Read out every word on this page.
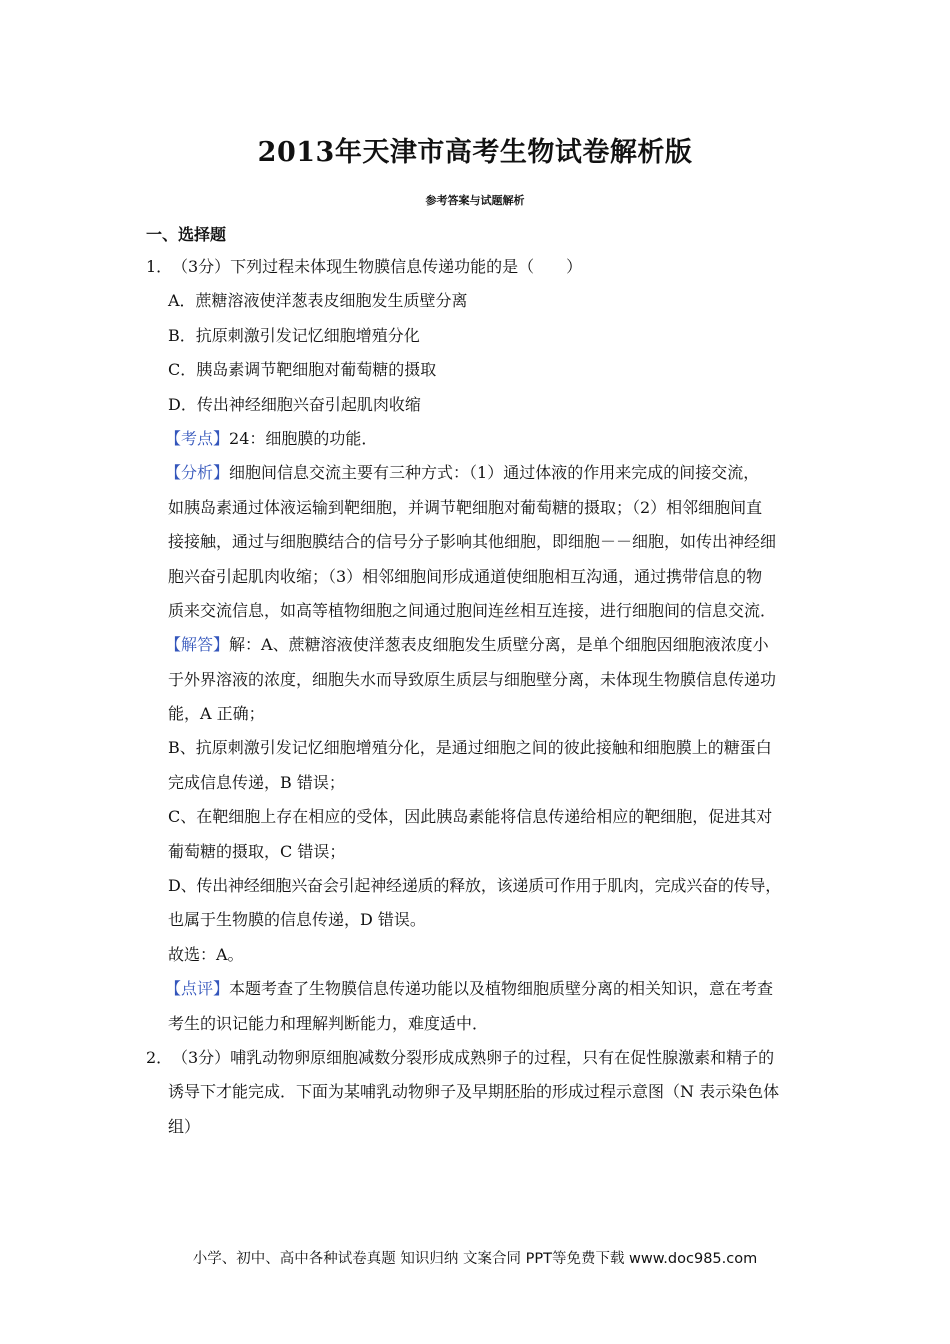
2013年天津市高考生物试卷解析版
参考答案与试题解析
一、选择题
1．（3分）下列过程未体现生物膜信息传递功能的是（　　）
A．蔗糖溶液使洋葱表皮细胞发生质壁分离
B．抗原刺激引发记忆细胞增殖分化
C．胰岛素调节靶细胞对葡萄糖的摄取
D．传出神经细胞兴奋引起肌肉收缩
【考点】24：细胞膜的功能．
【分析】细胞间信息交流主要有三种方式：（1）通过体液的作用来完成的间接交流，
如胰岛素通过体液运输到靶细胞，并调节靶细胞对葡萄糖的摄取；（2）相邻细胞间直
接接触，通过与细胞膜结合的信号分子影响其他细胞，即细胞－－细胞，如传出神经细
胞兴奋引起肌肉收缩；（3）相邻细胞间形成通道使细胞相互沟通，通过携带信息的物
质来交流信息，如高等植物细胞之间通过胞间连丝相互连接，进行细胞间的信息交流．
【解答】解：A、蔗糖溶液使洋葱表皮细胞发生质壁分离，是单个细胞因细胞液浓度小
于外界溶液的浓度，细胞失水而导致原生质层与细胞壁分离，未体现生物膜信息传递功
能，A 正确；
B、抗原刺激引发记忆细胞增殖分化，是通过细胞之间的彼此接触和细胞膜上的糖蛋白
完成信息传递，B 错误；
C、在靶细胞上存在相应的受体，因此胰岛素能将信息传递给相应的靶细胞，促进其对
葡萄糖的摄取，C 错误；
D、传出神经细胞兴奋会引起神经递质的释放，该递质可作用于肌肉，完成兴奋的传导，
也属于生物膜的信息传递，D 错误。
故选：A。
【点评】本题考查了生物膜信息传递功能以及植物细胞质壁分离的相关知识，意在考查
考生的识记能力和理解判断能力，难度适中．
2．（3分）哺乳动物卵原细胞减数分裂形成成熟卵子的过程，只有在促性腺激素和精子的
诱导下才能完成．下面为某哺乳动物卵子及早期胚胎的形成过程示意图（N 表示染色体
组）
小学、初中、高中各种试卷真题 知识归纳 文案合同 PPT等免费下载 www.doc985.com
